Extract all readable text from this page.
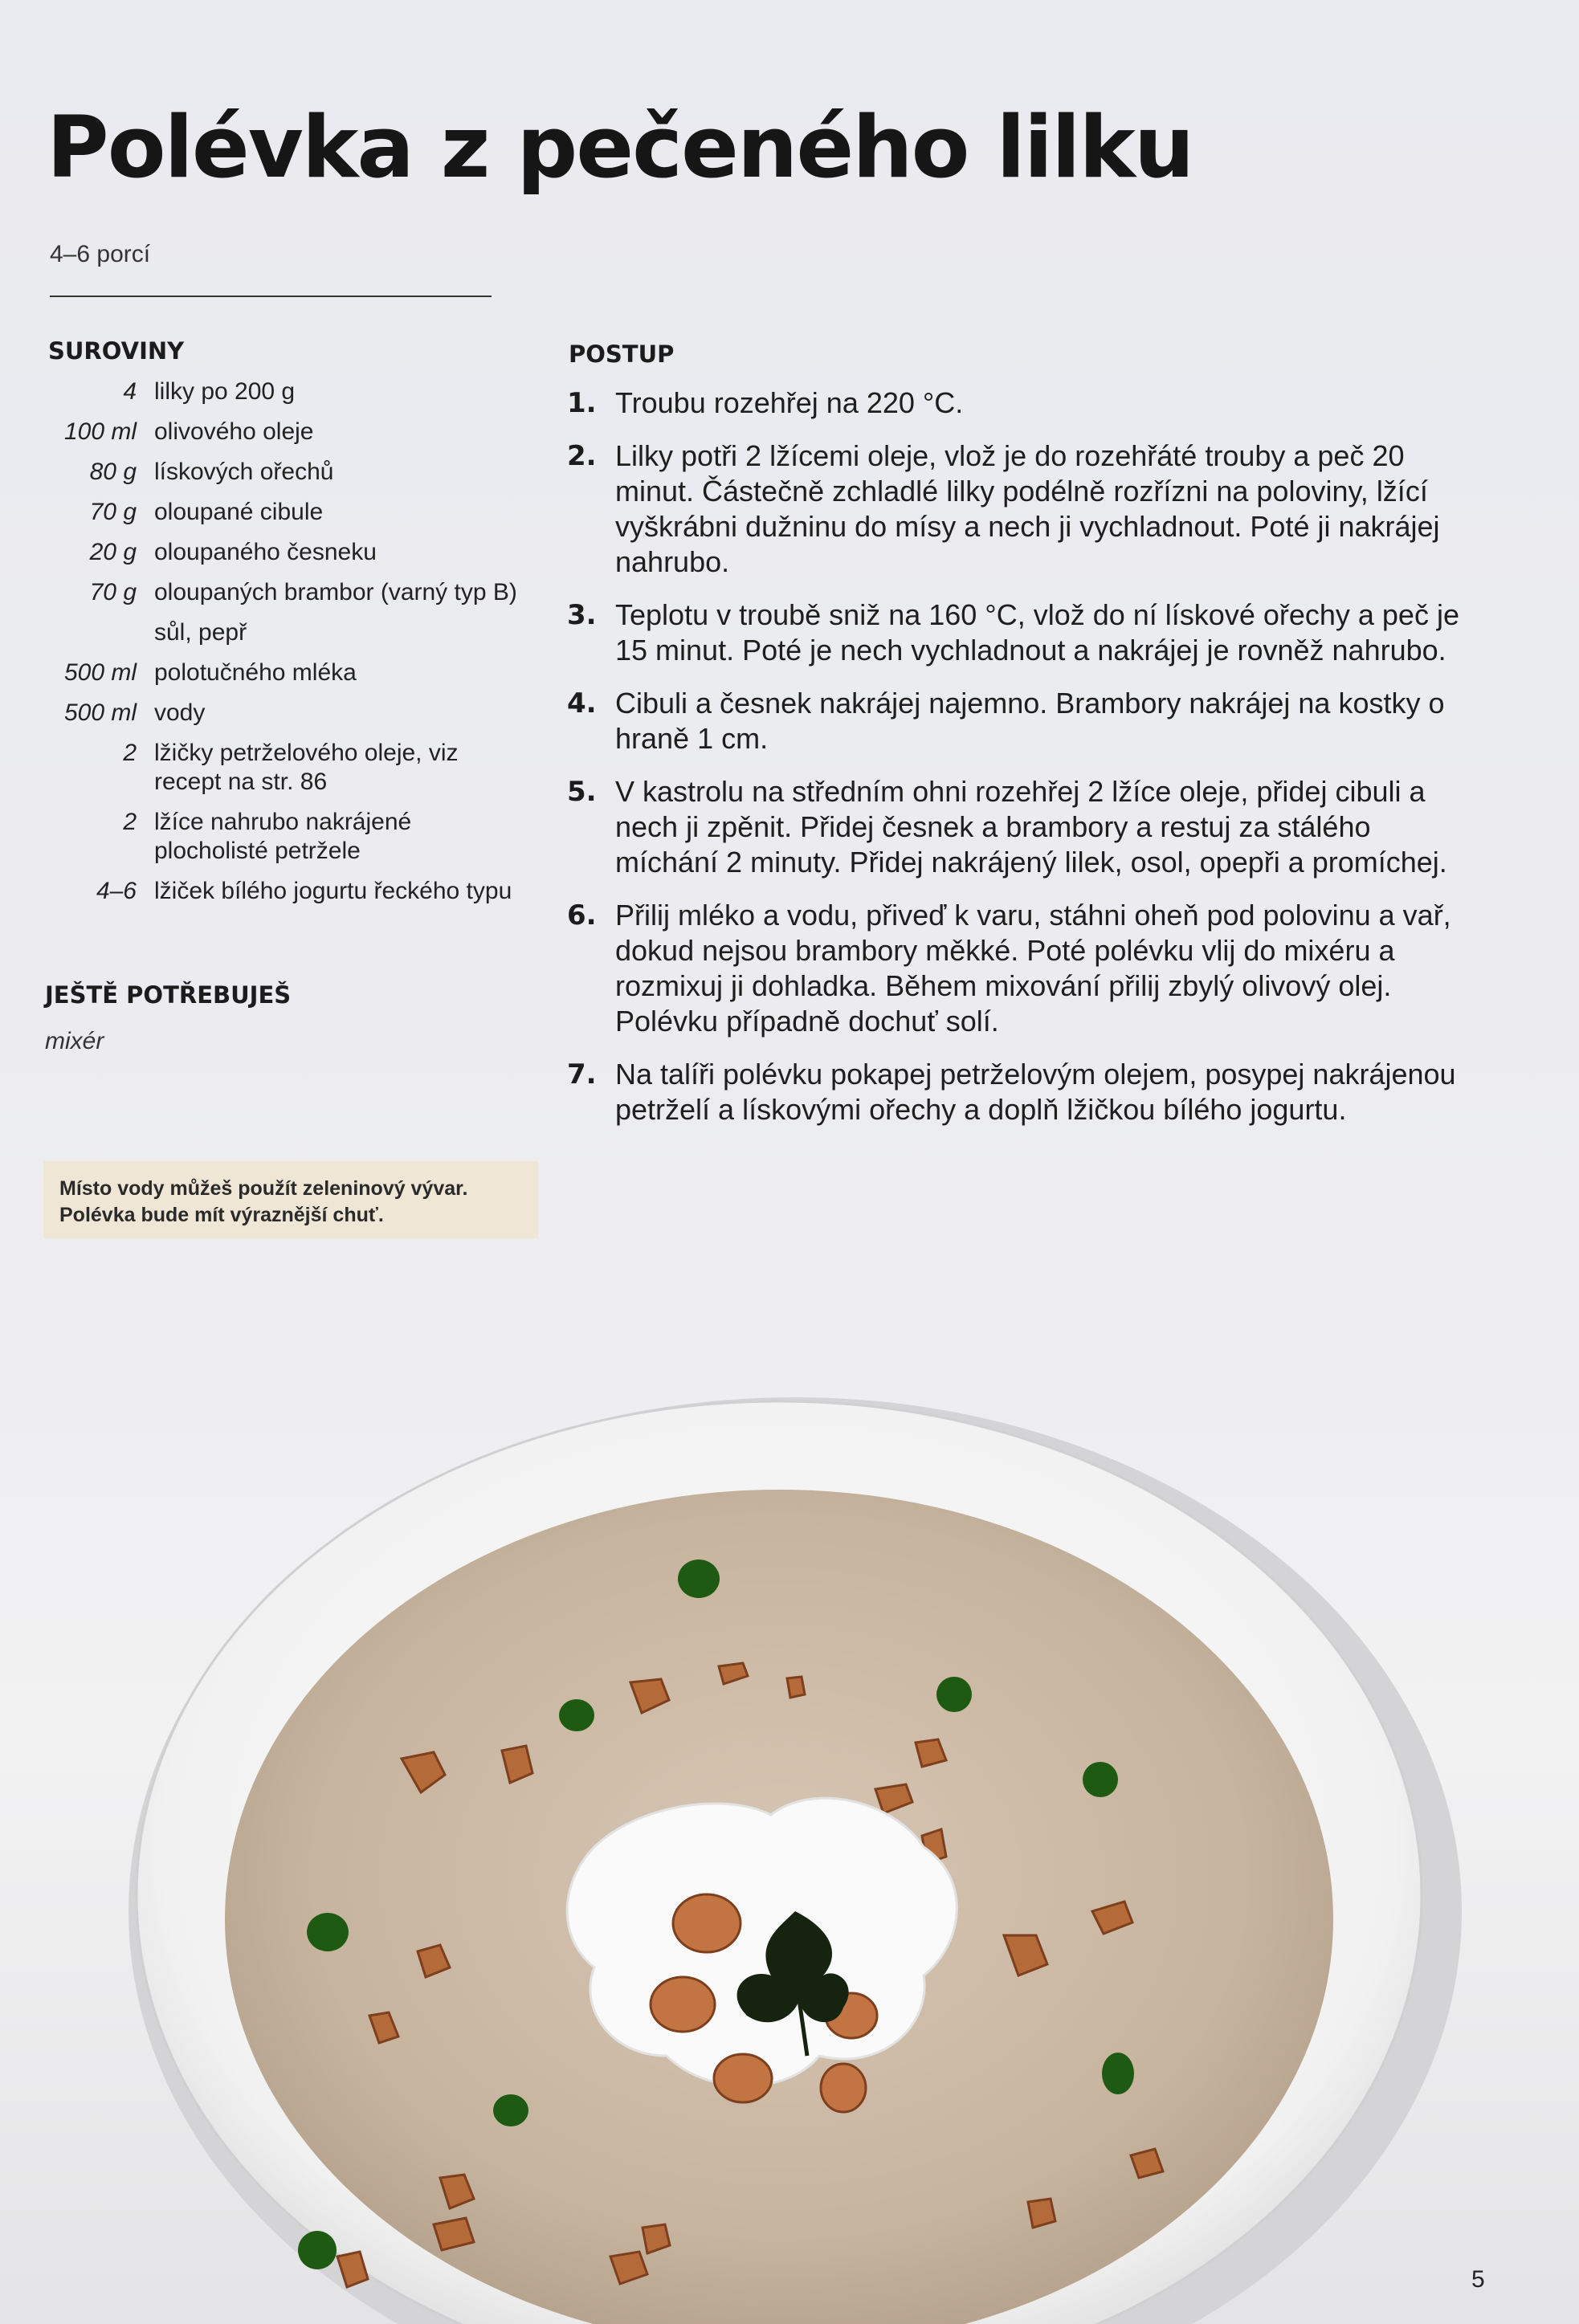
Polévka z pečeného lilku
4–6 porcí
SUROVINY
4 lilky po 200 g
100 ml olivového oleje
80 g lískových ořechů
70 g oloupané cibule
20 g oloupaného česneku
70 g oloupaných brambor (varný typ B)
sůl, pepř
500 ml polotučného mléka
500 ml vody
2 lžičky petrželového oleje, viz recept na str. 86
2 lžíce nahrubo nakrájené plocholisté petržele
4–6 lžiček bílého jogurtu řeckého typu
JEŠTĚ POTŘEBUJEŠ
mixér
Místo vody můžeš použít zeleninový vývar. Polévka bude mít výraznější chuť.
POSTUP
1. Troubu rozehřej na 220 °C.
2. Lilky potři 2 lžícemi oleje, vlož je do rozehřáté trouby a peč 20 minut. Částečně zchladlé lilky podélně rozřízni na poloviny, lžící vyškrábni dužninu do mísy a nech ji vychladnout. Poté ji nakrájej nahrubo.
3. Teplotu v troubě sniž na 160 °C, vlož do ní lískové ořechy a peč je 15 minut. Poté je nech vychladnout a nakrájej je rovněž nahrubo.
4. Cibuli a česnek nakrájej najemno. Brambory nakrájej na kostky o hraně 1 cm.
5. V kastrolu na středním ohni rozehřej 2 lžíce oleje, přidej cibuli a nech ji zpěnit. Přidej česnek a brambory a restuj za stálého míchání 2 minuty. Přidej nakrájený lilek, osol, opepři a promíchej.
6. Přilij mléko a vodu, přiveď k varu, stáhni oheň pod polovinu a vař, dokud nejsou brambory měkké. Poté polévku vlij do mixéru a rozmixuj ji dohladka. Během mixování přilij zbylý olivový olej. Polévku případně dochuť solí.
7. Na talíři polévku pokapej petrželovým olejem, posypej nakrájenou petrželí a lískovými ořechy a doplň lžičkou bílého jogurtu.
5
